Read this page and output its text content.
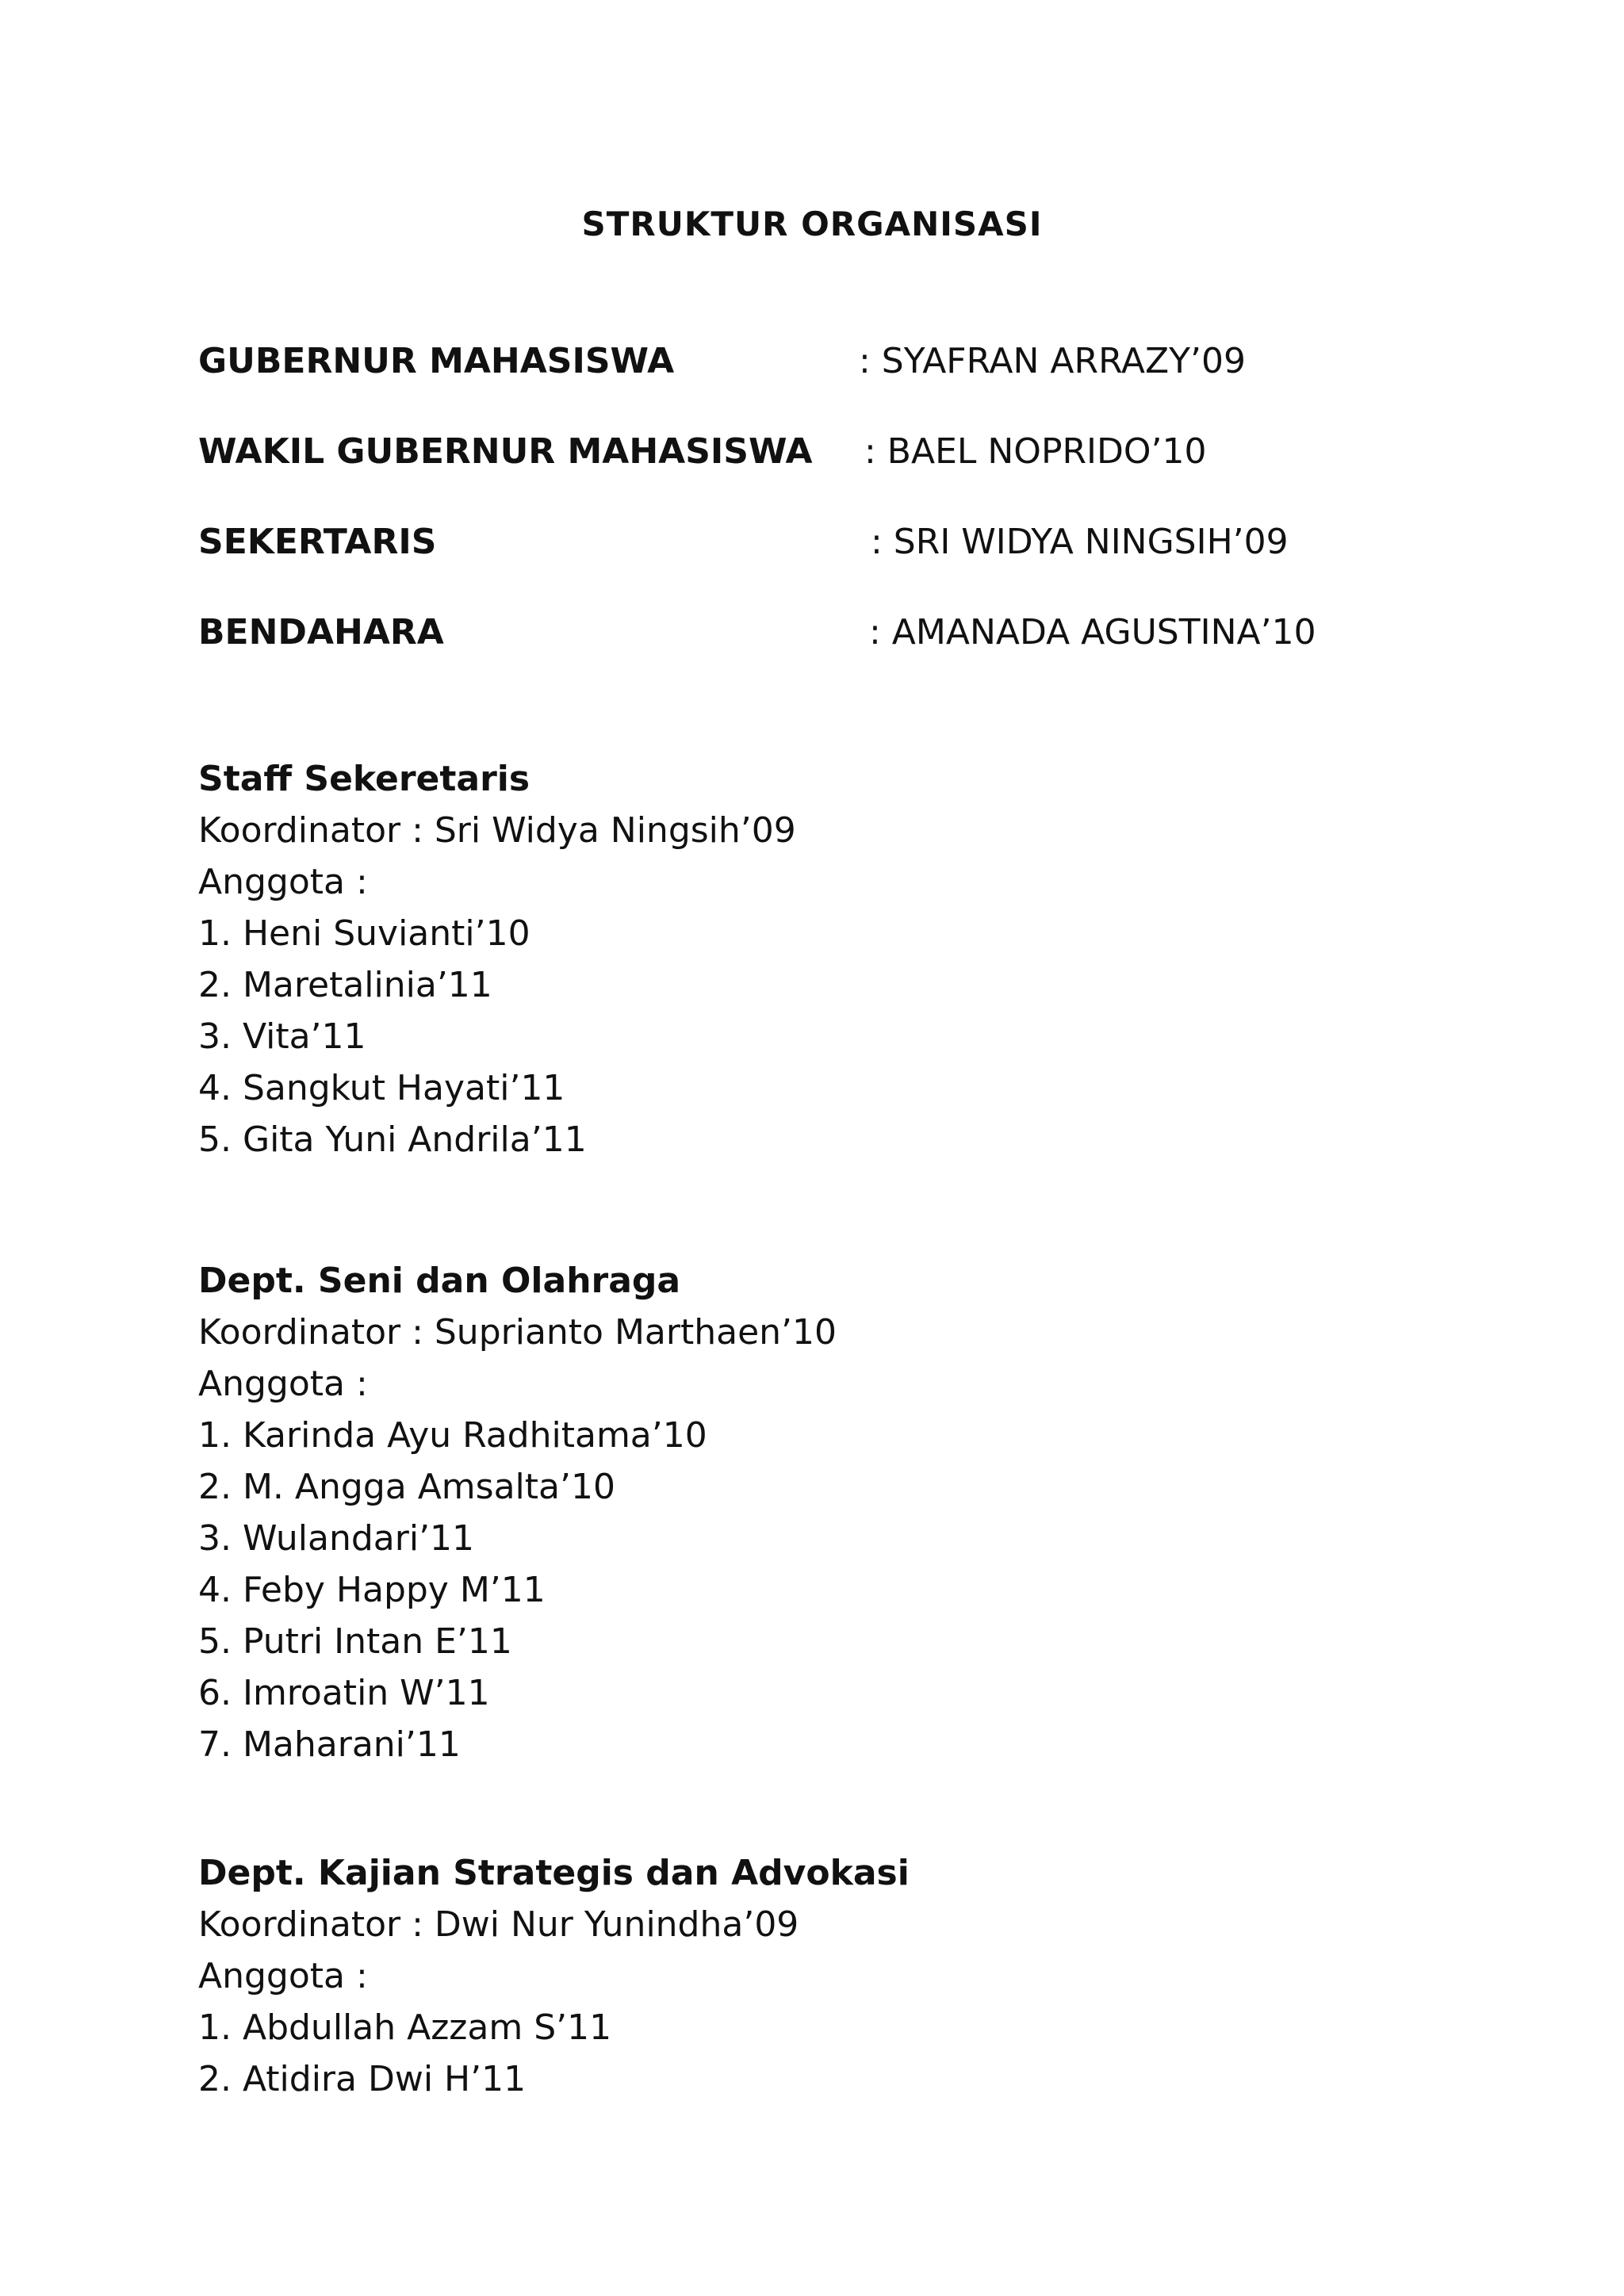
STRUKTUR ORGANISASI
GUBERNUR MAHASISWA	: SYAFRAN ARRAZY’09
WAKIL GUBERNUR MAHASISWA : BAEL NOPRIDO’10
SEKERTARIS	: SRI WIDYA NINGSIH’09
BENDAHARA	: AMANADA AGUSTINA’10

Staff Sekeretaris

Koordinator : Sri Widya Ningsih’09

Anggota :

1. Heni Suvianti’10
2. Maretalinia’11
3. Vita’11
4. Sangkut Hayati’11
5. Gita Yuni Andrila’11

Dept. Seni dan Olahraga

Koordinator : Suprianto Marthaen’10

Anggota :

1. Karinda Ayu Radhitama’10
2. M. Angga Amsalta’10
3. Wulandari’11
4. Feby Happy M’11
5. Putri Intan E’11
6. Imroatin W’11
7. Maharani’11

Dept. Kajian Strategis dan Advokasi

Koordinator : Dwi Nur Yunindha’09

Anggota :

1. Abdullah Azzam S’11
2. Atidira Dwi H’11
